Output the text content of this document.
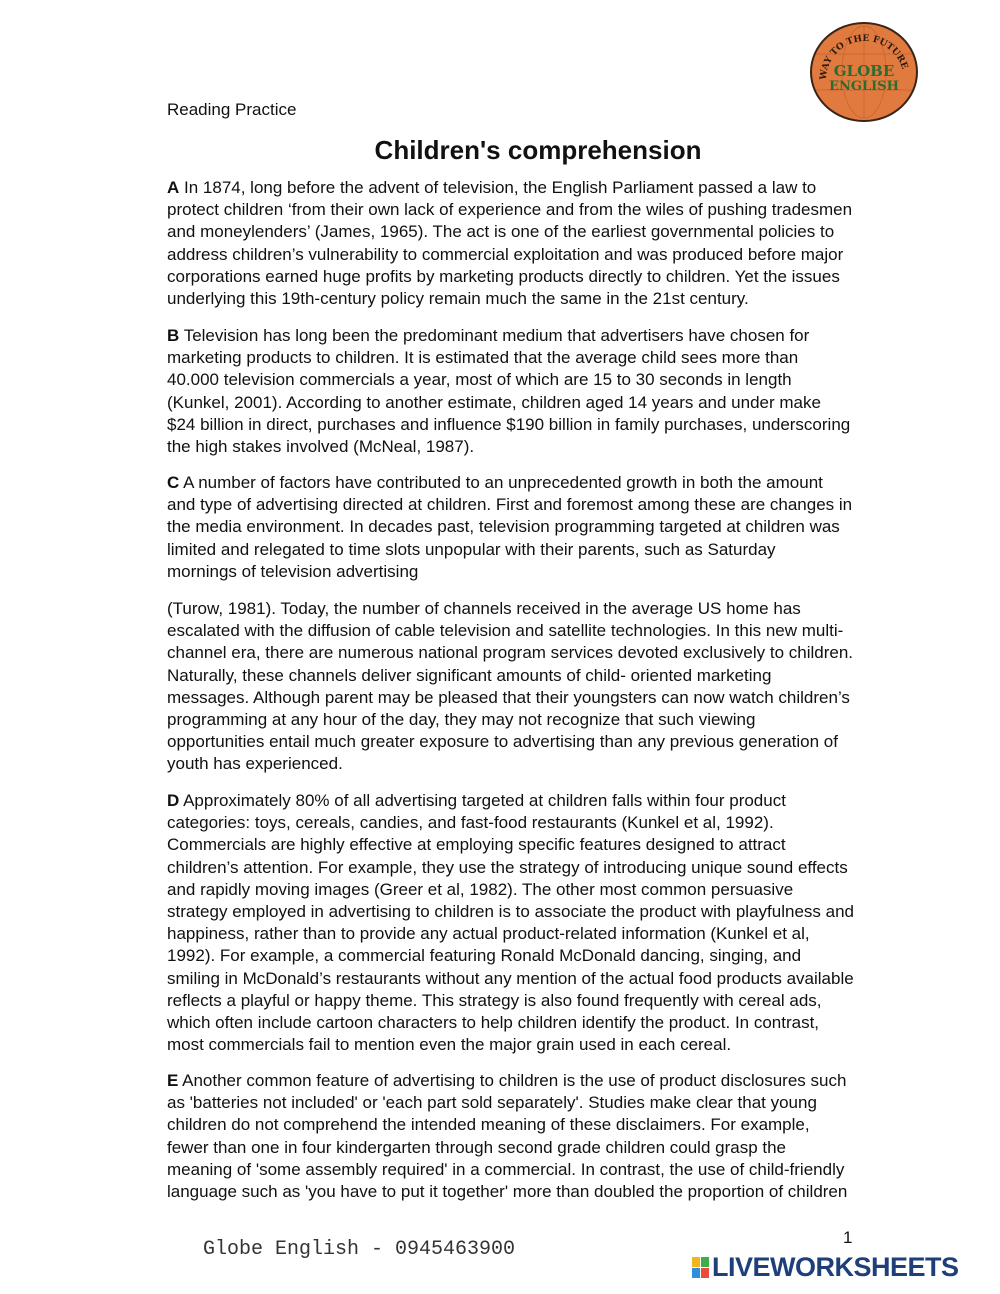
WAY TO THE FUTURE
GLOBE
ENGLISH
Reading Practice
Children's comprehension
A In 1874, long before the advent of television, the English Parliament passed a law to
protect children ‘from their own lack of experience and from the wiles of pushing tradesmen
and moneylenders’ (James, 1965). The act is one of the earliest governmental policies to
address children’s vulnerability to commercial exploitation and was produced before major
corporations earned huge profits by marketing products directly to children. Yet the issues
underlying this 19th-century policy remain much the same in the 21st century.
B Television has long been the predominant medium that advertisers have chosen for
marketing products to children. It is estimated that the average child sees more than
40.000 television commercials a year, most of which are 15 to 30 seconds in length
(Kunkel, 2001). According to another estimate, children aged 14 years and under make
$24 billion in direct, purchases and influence $190 billion in family purchases, underscoring
the high stakes involved (McNeal, 1987).
C A number of factors have contributed to an unprecedented growth in both the amount
and type of advertising directed at children. First and foremost among these are changes in
the media environment. In decades past, television programming targeted at children was
limited and relegated to time slots unpopular with their parents, such as Saturday
mornings of television advertising
(Turow, 1981). Today, the number of channels received in the average US home has
escalated with the diffusion of cable television and satellite technologies. In this new multi-
channel era, there are numerous national program services devoted exclusively to children.
Naturally, these channels deliver significant amounts of child- oriented marketing
messages. Although parent may be pleased that their youngsters can now watch children’s
programming at any hour of the day, they may not recognize that such viewing
opportunities entail much greater exposure to advertising than any previous generation of
youth has experienced.
D Approximately 80% of all advertising targeted at children falls within four product
categories: toys, cereals, candies, and fast-food restaurants (Kunkel et al, 1992).
Commercials are highly effective at employing specific features designed to attract
children’s attention. For example, they use the strategy of introducing unique sound effects
and rapidly moving images (Greer et al, 1982). The other most common persuasive
strategy employed in advertising to children is to associate the product with playfulness and
happiness, rather than to provide any actual product-related information (Kunkel et al,
1992). For example, a commercial featuring Ronald McDonald dancing, singing, and
smiling in McDonald’s restaurants without any mention of the actual food products available
reflects a playful or happy theme. This strategy is also found frequently with cereal ads,
which often include cartoon characters to help children identify the product. In contrast,
most commercials fail to mention even the major grain used in each cereal.
E Another common feature of advertising to children is the use of product disclosures such
as 'batteries not included' or 'each part sold separately'. Studies make clear that young
children do not comprehend the intended meaning of these disclaimers. For example,
fewer than one in four kindergarten through second grade children could grasp the
meaning of 'some assembly required' in a commercial. In contrast, the use of child-friendly
language such as 'you have to put it together' more than doubled the proportion of children
Globe English - 0945463900
1
LIVEWORKSHEETS
